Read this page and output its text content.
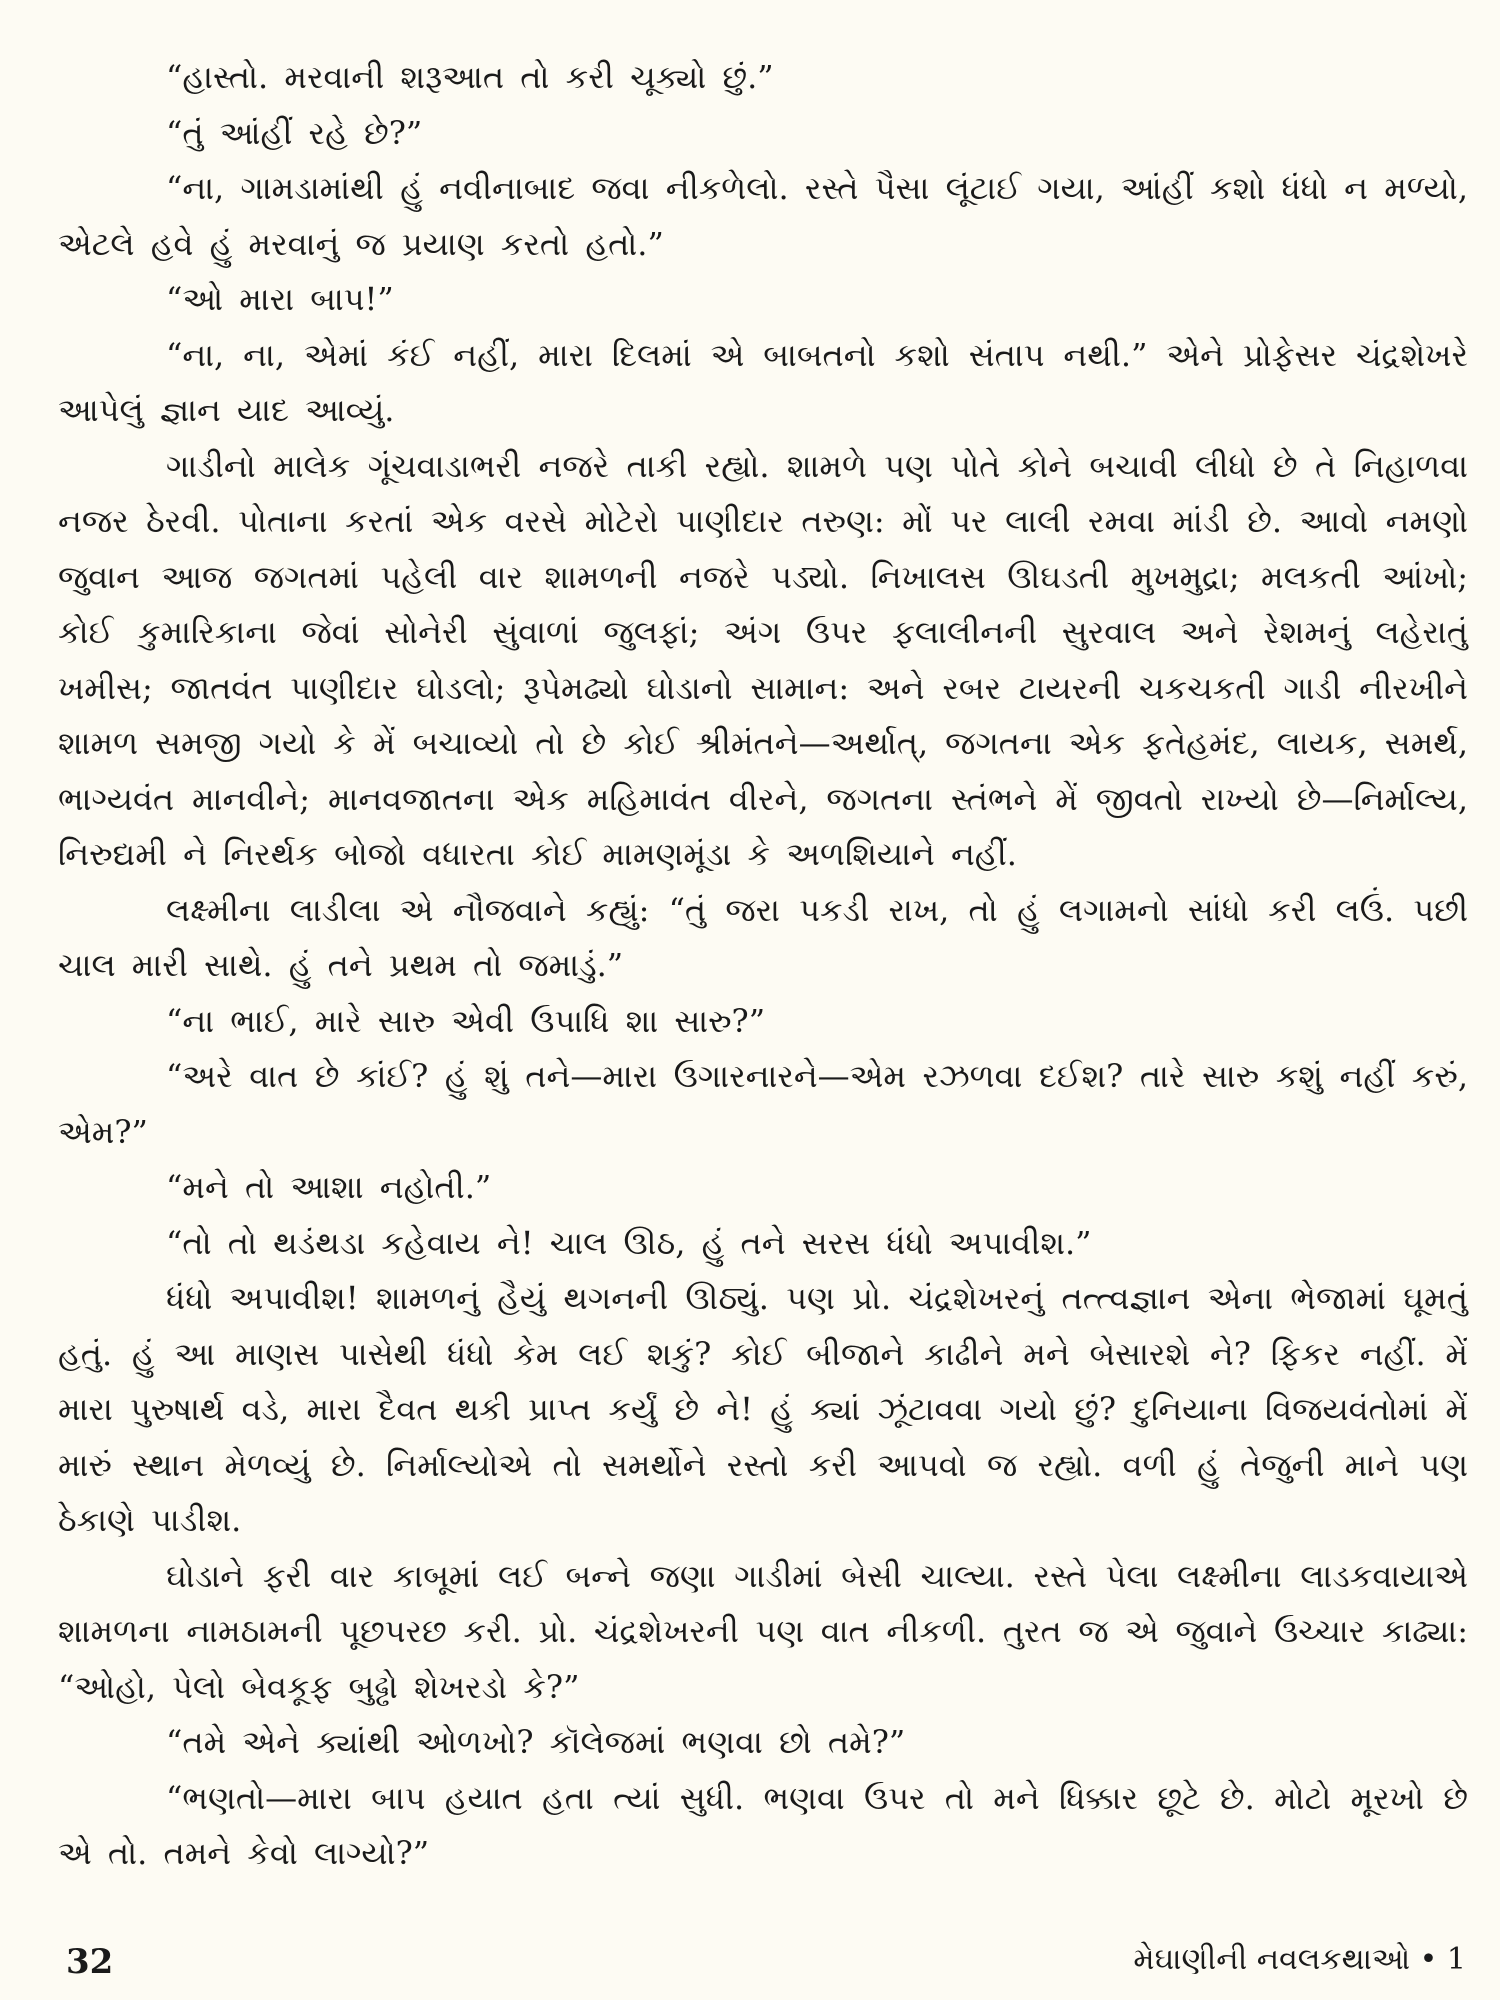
“હાસ્તો. મરવાની શરૂઆત તો કરી ચૂક્યો છું.”

“તું આંહીં રહે છે?”

“ના, ગામડામાંથી હું નવીનાબાદ જવા નીકળેલો. રસ્તે પૈસા લૂંટાઈ ગયા, આંહીં કશો ધંધો ન મળ્યો, એટલે હવે હું મરવાનું જ પ્રયાણ કરતો હતો.”

“ઓ મારા બાપ!”

“ના, ના, એમાં કંઈ નહીં, મારા દિલમાં એ બાબતનો કશો સંતાપ નથી.” એને પ્રોફેસર ચંદ્રશેખરે આપેલું જ્ઞાન યાદ આવ્યું.

ગાડીનો માલેક ગૂંચવાડાભરી નજરે તાકી રહ્યો. શામળે પણ પોતે કોને બચાવી લીધો છે તે નિહાળવા નજર ઠેરવી. પોતાના કરતાં એક વરસે મોટેરો પાણીદાર તરુણ: મોં પર લાલી રમવા માંડી છે. આવો નમણો જુવાન આજ જગતમાં પહેલી વાર શામળની નજરે પડ્યો. નિખાલસ ઊઘડતી મુખમુદ્રા; મલકતી આંખો; કોઈ કુમારિકાના જેવાં સોનેરી સુંવાળાં જુલફાં; અંગ ઉપર ફલાલીનની સુરવાલ અને રેશમનું લહેરાતું ખમીસ; જાતવંત પાણીદાર ઘોડલો; રૂપેમઢ્યો ઘોડાનો સામાન: અને રબર ટાયરની ચકચકતી ગાડી નીરખીને શામળ સમજી ગયો કે મેં બચાવ્યો તો છે કોઈ શ્રીમંતને—અર્થાત્, જગતના એક ફતેહમંદ, લાયક, સમર્થ, ભાગ્યવંત માનવીને; માનવજાતના એક મહિમાવંત વીરને, જગતના સ્તંભને મેં જીવતો રાખ્યો છે—નિર્માલ્ય, નિરુદ્યમી ને નિરર્થક બોજો વધારતા કોઈ મામણમૂંડા કે અળશિયાને નહીં.

લક્ષ્મીના લાડીલા એ નૌજવાને કહ્યું: “તું જરા પકડી રાખ, તો હું લગામનો સાંધો કરી લઉં. પછી ચાલ મારી સાથે. હું તને પ્રથમ તો જમાડું.”

“ના ભાઈ, મારે સારુ એવી ઉપાધિ શા સારુ?”

“અરે વાત છે કાંઈ? હું શું તને—મારા ઉગારનારને—એમ રઝળવા દઈશ? તારે સારુ કશું નહીં કરું, એમ?”

“મને તો આશા નહોતી.”

“તો તો થડંથડા કહેવાય ને! ચાલ ઊઠ, હું તને સરસ ધંધો અપાવીશ.”

ધંધો અપાવીશ! શામળનું હૈયું થગનની ઊઠ્યું. પણ પ્રો. ચંદ્રશેખરનું તત્ત્વજ્ઞાન એના ભેજામાં ઘૂમતું હતું. હું આ માણસ પાસેથી ધંધો કેમ લઈ શકું? કોઈ બીજાને કાઢીને મને બેસારશે ને? ફિકર નહીં. મેં મારા પુરુષાર્થ વડે, મારા દૈવત થકી પ્રાપ્ત કર્યું છે ને! હું ક્યાં ઝૂંટાવવા ગયો છું? દુનિયાના વિજયવંતોમાં મેં મારું સ્થાન મેળવ્યું છે. નિર્માલ્યોએ તો સમર્થોને રસ્તો કરી આપવો જ રહ્યો. વળી હું તેજુની માને પણ ઠેકાણે પાડીશ.

ઘોડાને ફરી વાર કાબૂમાં લઈ બન્ને જણા ગાડીમાં બેસી ચાલ્યા. રસ્તે પેલા લક્ષ્મીના લાડકવાયાએ શામળના નામઠામની પૂછપરછ કરી. પ્રો. ચંદ્રશેખરની પણ વાત નીકળી. તુરત જ એ જુવાને ઉચ્ચાર કાઢ્યા: “ઓહો, પેલો બેવકૂફ બુઢ્ઢો શેખરડો કે?”

“તમે એને ક્યાંથી ઓળખો? કૉલેજમાં ભણવા છો તમે?”

“ભણતો—મારા બાપ હયાત હતા ત્યાં સુધી. ભણવા ઉપર તો મને ધિક્કાર છૂટે છે. મોટો મૂરખો છે એ તો. તમને કેવો લાગ્યો?”

32	મેઘાણીની નવલકથાઓ • 1
